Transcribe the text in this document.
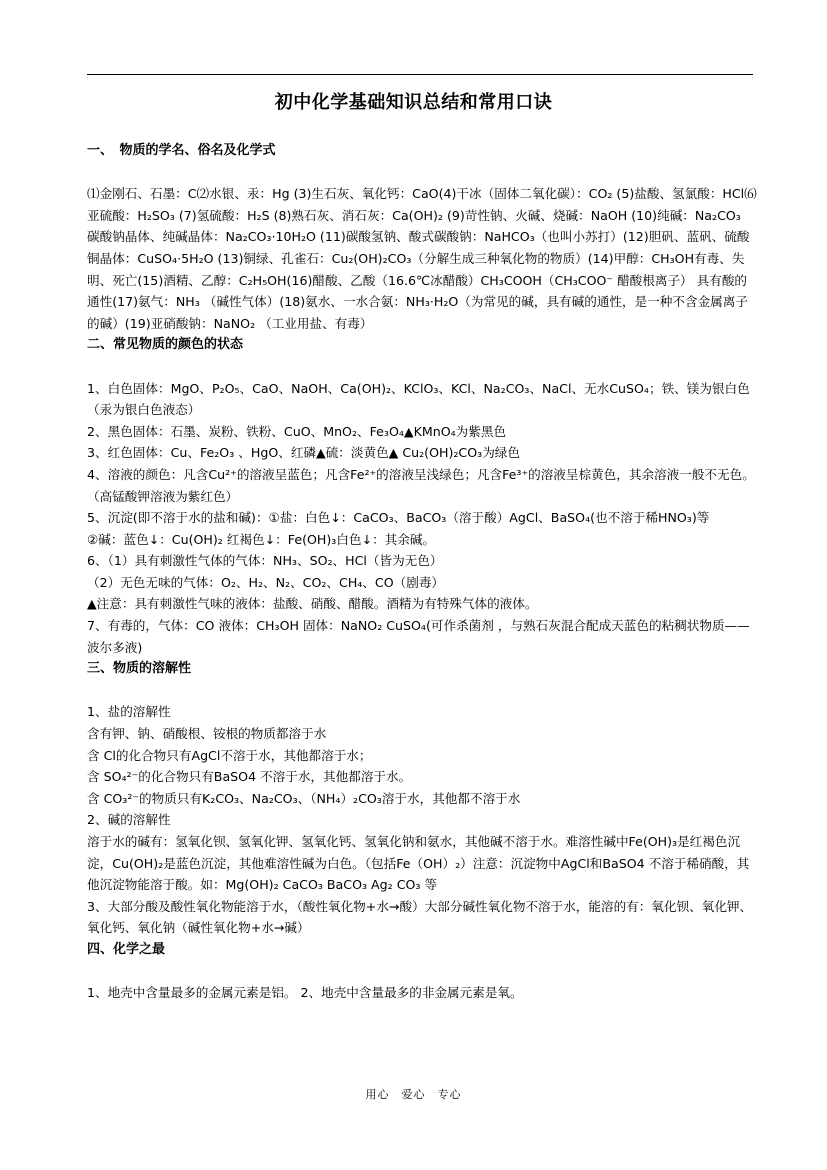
初中化学基础知识总结和常用口诀
一、　物质的学名、俗名及化学式

⑴金刚石、石墨：C⑵水银、汞：Hg (3)生石灰、氧化钙：CaO(4)干冰（固体二氧化碳）：CO₂ (5)盐酸、氢氯酸：HCl⑹亚硫酸：H₂SO₃ (7)氢硫酸：H₂S (8)熟石灰、消石灰：Ca(OH)₂ (9)苛性钠、火碱、烧碱：NaOH (10)纯碱：Na₂CO₃ 碳酸钠晶体、纯碱晶体：Na₂CO₃·10H₂O (11)碳酸氢钠、酸式碳酸钠：NaHCO₃（也叫小苏打）(12)胆矾、蓝矾、硫酸铜晶体：CuSO₄·5H₂O (13)铜绿、孔雀石：Cu₂(OH)₂CO₃（分解生成三种氧化物的物质）(14)甲醇：CH₃OH有毒、失明、死亡(15)酒精、乙醇：C₂H₅OH(16)醋酸、乙酸（16.6℃冰醋酸）CH₃COOH（CH₃COO⁻ 醋酸根离子） 具有酸的通性(17)氨气：NH₃ （碱性气体）(18)氨水、一水合氨：NH₃·H₂O（为常见的碱，具有碱的通性，是一种不含金属离子的碱）(19)亚硝酸钠：NaNO₂ （工业用盐、有毒）

二、常见物质的颜色的状态

1、白色固体：MgO、P₂O₅、CaO、NaOH、Ca(OH)₂、KClO₃、KCl、Na₂CO₃、NaCl、无水CuSO₄；铁、镁为银白色（汞为银白色液态）

2、黑色固体：石墨、炭粉、铁粉、CuO、MnO₂、Fe₃O₄▲KMnO₄为紫黑色

3、红色固体：Cu、Fe₂O₃ 、HgO、红磷▲硫：淡黄色▲ Cu₂(OH)₂CO₃为绿色

4、溶液的颜色：凡含Cu²⁺的溶液呈蓝色；凡含Fe²⁺的溶液呈浅绿色；凡含Fe³⁺的溶液呈棕黄色，其余溶液一般不无色。（高锰酸钾溶液为紫红色）

5、沉淀(即不溶于水的盐和碱)：①盐：白色↓：CaCO₃、BaCO₃（溶于酸）AgCl、BaSO₄(也不溶于稀HNO₃)等

②碱：蓝色↓：Cu(OH)₂ 红褐色↓：Fe(OH)₃白色↓：其余碱。

6、（1）具有刺激性气体的气体：NH₃、SO₂、HCl（皆为无色）

（2）无色无味的气体：O₂、H₂、N₂、CO₂、CH₄、CO（剧毒）

▲注意：具有刺激性气味的液体：盐酸、硝酸、醋酸。酒精为有特殊气体的液体。

7、有毒的，气体：CO 液体：CH₃OH 固体：NaNO₂ CuSO₄(可作杀菌剂 ，与熟石灰混合配成天蓝色的粘稠状物质——波尔多液)

三、物质的溶解性

1、盐的溶解性

含有钾、钠、硝酸根、铵根的物质都溶于水

含 Cl的化合物只有AgCl不溶于水，其他都溶于水；

含 SO₄²⁻的化合物只有BaSO4 不溶于水，其他都溶于水。

含 CO₃²⁻的物质只有K₂CO₃、Na₂CO₃、（NH₄）₂CO₃溶于水，其他都不溶于水

2、碱的溶解性

溶于水的碱有：氢氧化钡、氢氧化钾、氢氧化钙、氢氧化钠和氨水，其他碱不溶于水。难溶性碱中Fe(OH)₃是红褐色沉淀，Cu(OH)₂是蓝色沉淀，其他难溶性碱为白色。（包括Fe（OH）₂）注意：沉淀物中AgCl和BaSO4 不溶于稀硝酸，其他沉淀物能溶于酸。如：Mg(OH)₂ CaCO₃ BaCO₃ Ag₂ CO₃ 等

3、大部分酸及酸性氧化物能溶于水，（酸性氧化物+水→酸）大部分碱性氧化物不溶于水，能溶的有：氧化钡、氧化钾、氧化钙、氧化钠（碱性氧化物+水→碱）

四、化学之最

1、地壳中含量最多的金属元素是铝。 2、地壳中含量最多的非金属元素是氧。

用心　爱心　专心
